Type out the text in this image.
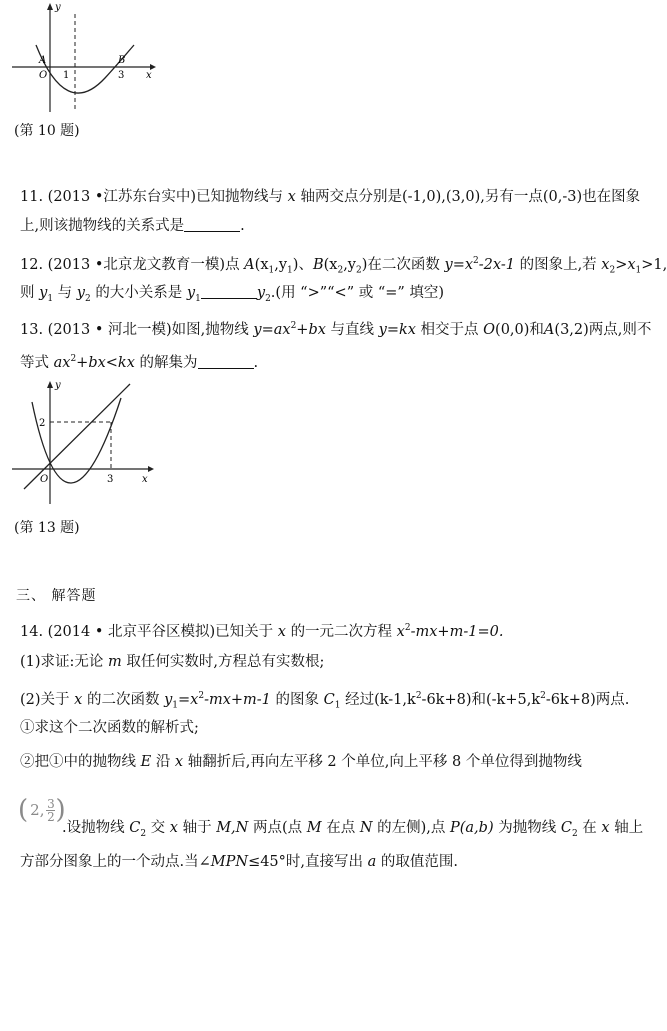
y
A	B
O 1	3 x
(第 10 题)
11. (2013 •江苏东台实中)已知抛物线与 x 轴两交点分别是(-1,0),(3,0),另有一点(0,-3)也在图象
上,则该抛物线的关系式是	.
12. (2013 •北京龙文教育一模)点 $A(x_1,y_1)$、$B(x_2,y_2)$在二次函数 $y=x^2-2x-1$ 的图象上,若 $x_2>x_1>1$,
则 $y_1$ 与 $y_2$ 的大小关系是 $y_1$	$y_2$.(用 “>”“<” 或 “=” 填空)
13. (2013 • 河北一模)如图,抛物线 $y=ax^2+bx$ 与直线 y=kx 相交于点 O(0,0)和A(3,2)两点,则不
等式 $ax^2+bx<kx$ 的解集为	.
y
2
O	3	x
(第 13 题)
三、 解答题
14. (2014 • 北京平谷区模拟)已知关于 x 的一元二次方程 $x^2-mx+m-1=0$.
(1)求证:无论 m 取任何实数时,方程总有实数根;
(2)关于 x 的二次函数 $y_1=x^2-mx+m-1$ 的图象 $C_1$ 经过$(k-1,k^2-6k+8)$和$(-k+5,k^2-6k+8)$两点.
①求这个二次函数的解析式;
②把①中的抛物线 E 沿 x 轴翻折后,再向左平移 2 个单位,向上平移 8 个单位得到抛物线
( 2, 3
2 )
.设抛物线 $C_2$ 交 x 轴于 M,N 两点(点 M 在点 N 的左侧),点 P(a,b) 为抛物线 $C_2$ 在 x 轴上
方部分图象上的一个动点.当∠MPN≤45°时,直接写出 a 的取值范围.
